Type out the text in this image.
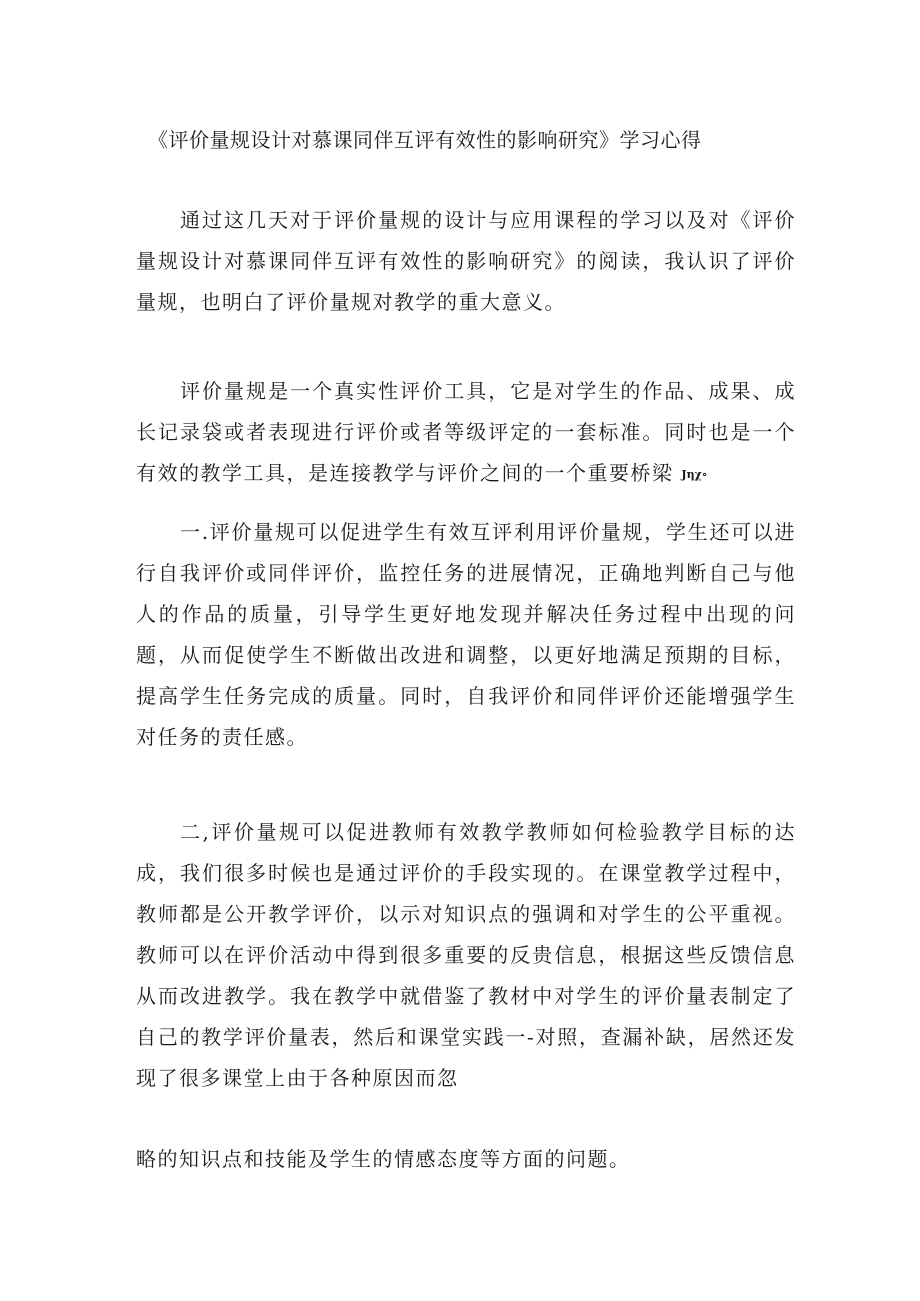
《评价量规设计对慕课同伴互评有效性的影响研究》学习心得

通过这几天对于评价量规的设计与应用课程的学习以及对《评价量规设计对慕课同伴互评有效性的影响研究》的阅读，我认识了评价量规，也明白了评价量规对教学的重大意义。

评价量规是一个真实性评价工具，它是对学生的作品、成果、成长记录袋或者表现进行评价或者等级评定的一套标准。同时也是一个有效的教学工具，是连接教学与评价之间的一个重要桥梁 Jηχ∘

一.评价量规可以促进学生有效互评利用评价量规，学生还可以进行自我评价或同伴评价，监控任务的进展情况，正确地判断自己与他人的作品的质量，引导学生更好地发现并解决任务过程中出现的问题，从而促使学生不断做出改进和调整，以更好地满足预期的目标，提高学生任务完成的质量。同时，自我评价和同伴评价还能增强学生对任务的责任感。

二,评价量规可以促进教师有效教学教师如何检验教学目标的达成，我们很多时候也是通过评价的手段实现的。在课堂教学过程中，教师都是公开教学评价，以示对知识点的强调和对学生的公平重视。教师可以在评价活动中得到很多重要的反贵信息，根据这些反馈信息从而改进教学。我在教学中就借鉴了教材中对学生的评价量表制定了自己的教学评价量表，然后和课堂实践一-对照，查漏补缺，居然还发现了很多课堂上由于各种原因而忽

略的知识点和技能及学生的情感态度等方面的问题。
